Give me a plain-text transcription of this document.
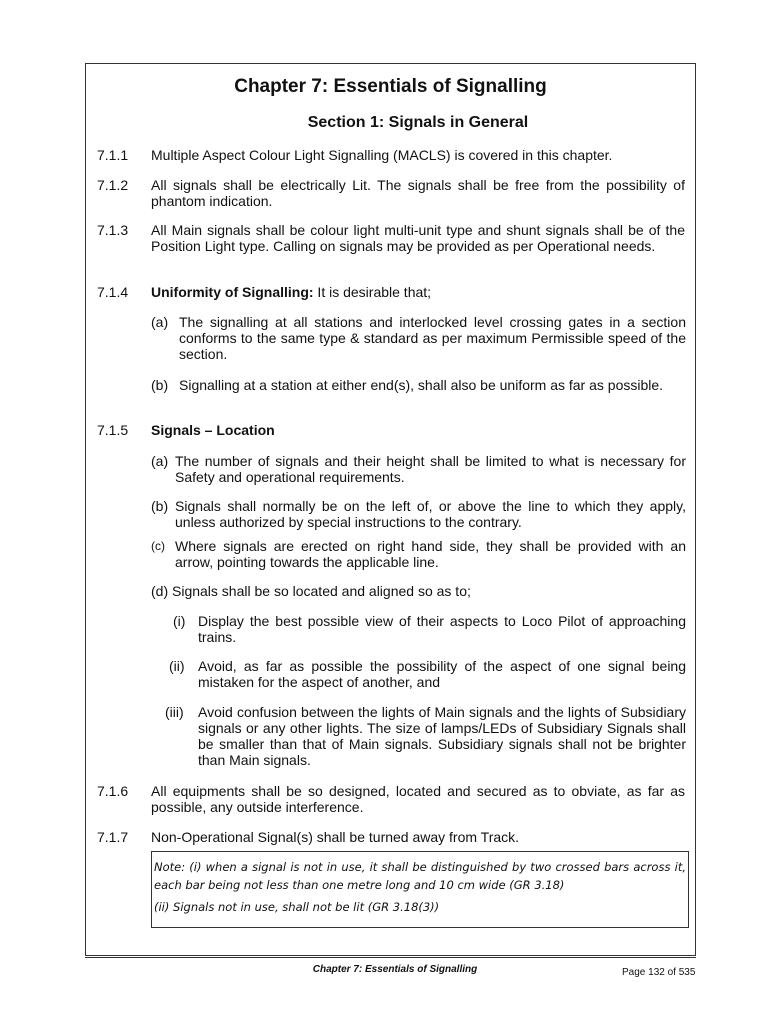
Chapter 7: Essentials of Signalling
Section 1: Signals in General
7.1.1 Multiple Aspect Colour Light Signalling (MACLS) is covered in this chapter.
7.1.2 All signals shall be electrically Lit. The signals shall be free from the possibility of phantom indication.
7.1.3 All Main signals shall be colour light multi-unit type and shunt signals shall be of the Position Light type. Calling on signals may be provided as per Operational needs.
7.1.4 Uniformity of Signalling: It is desirable that;
(a) The signalling at all stations and interlocked level crossing gates in a section conforms to the same type & standard as per maximum Permissible speed of the section.
(b) Signalling at a station at either end(s), shall also be uniform as far as possible.
7.1.5 Signals – Location
(a) The number of signals and their height shall be limited to what is necessary for Safety and operational requirements.
(b) Signals shall normally be on the left of, or above the line to which they apply, unless authorized by special instructions to the contrary.
(c) Where signals are erected on right hand side, they shall be provided with an arrow, pointing towards the applicable line.
(d) Signals shall be so located and aligned so as to;
(i) Display the best possible view of their aspects to Loco Pilot of approaching trains.
(ii) Avoid, as far as possible the possibility of the aspect of one signal being mistaken for the aspect of another, and
(iii) Avoid confusion between the lights of Main signals and the lights of Subsidiary signals or any other lights. The size of lamps/LEDs of Subsidiary Signals shall be smaller than that of Main signals. Subsidiary signals shall not be brighter than Main signals.
7.1.6 All equipments shall be so designed, located and secured as to obviate, as far as possible, any outside interference.
7.1.7 Non-Operational Signal(s) shall be turned away from Track.

Note: (i) when a signal is not in use, it shall be distinguished by two crossed bars across it, each bar being not less than one metre long and 10 cm wide (GR 3.18)

(ii) Signals not in use, shall not be lit (GR 3.18(3))

Chapter 7: Essentials of Signalling	Page 132 of 535
